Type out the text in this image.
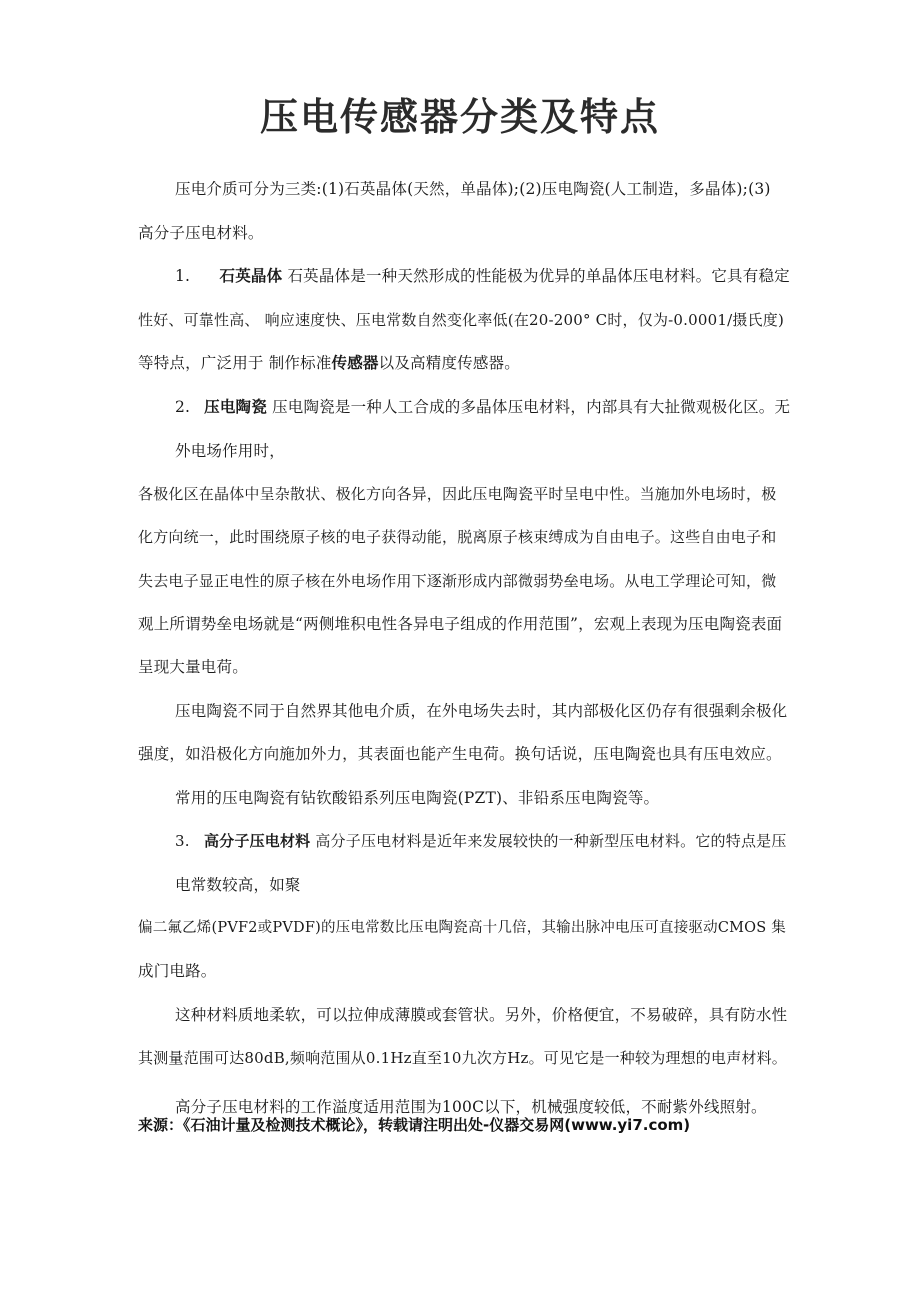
压电传感器分类及特点
压电介质可分为三类:(1)石英晶体(天然，单晶体);(2)压电陶瓷(人工制造，多晶体);(3)
高分子压电材料。
1. 石英晶体 石英晶体是一种天然形成的性能极为优异的单晶体压电材料。它具有稳定
性好、可靠性高、 响应速度快、压电常数自然变化率低(在20-200° C时，仅为-0.0001/摄氏度)
等特点，广泛用于 制作标准传感器以及高精度传感器。
2. 压电陶瓷 压电陶瓷是一种人工合成的多晶体压电材料，内部具有大扯微观极化区。无
外电场作用时，
各极化区在晶体中呈杂散状、极化方向各异，因此压电陶瓷平时呈电中性。当施加外电场时，极
化方向统一，此时围绕原子核的电子获得动能，脱离原子核束缚成为自由电子。这些自由电子和
失去电子显正电性的原子核在外电场作用下逐渐形成内部微弱势垒电场。从电工学理论可知，微
观上所谓势垒电场就是“两侧堆积电性各异电子组成的作用范围”，宏观上表现为压电陶瓷表面
呈现大量电荷。
压电陶瓷不同于自然界其他电介质，在外电场失去时，其内部极化区仍存有很强剩余极化
强度，如沿极化方向施加外力，其表面也能产生电荷。换句话说，压电陶瓷也具有压电效应。
常用的压电陶瓷有钻钦酸铅系列压电陶瓷(PZT)、非铅系压电陶瓷等。
3. 高分子压电材料 高分子压电材料是近年来发展较快的一种新型压电材料。它的特点是压
电常数较高，如聚
偏二氟乙烯(PVF2或PVDF)的压电常数比压电陶瓷高十几倍，其输出脉冲电压可直接驱动CMOS 集
成门电路。
这种材料质地柔软，可以拉伸成薄膜或套管状。另外，价格便宜，不易破碎，具有防水性
其测量范围可达80dB,频响范围从0.1Hz直至10九次方Hz。可见它是一种较为理想的电声材料。
高分子压电材料的工作溢度适用范围为100C以下，机械强度较低，不耐紫外线照射。
来源：《石油计量及检测技术概论》，转载请注明出处-仪器交易网(www.yi7.com)
